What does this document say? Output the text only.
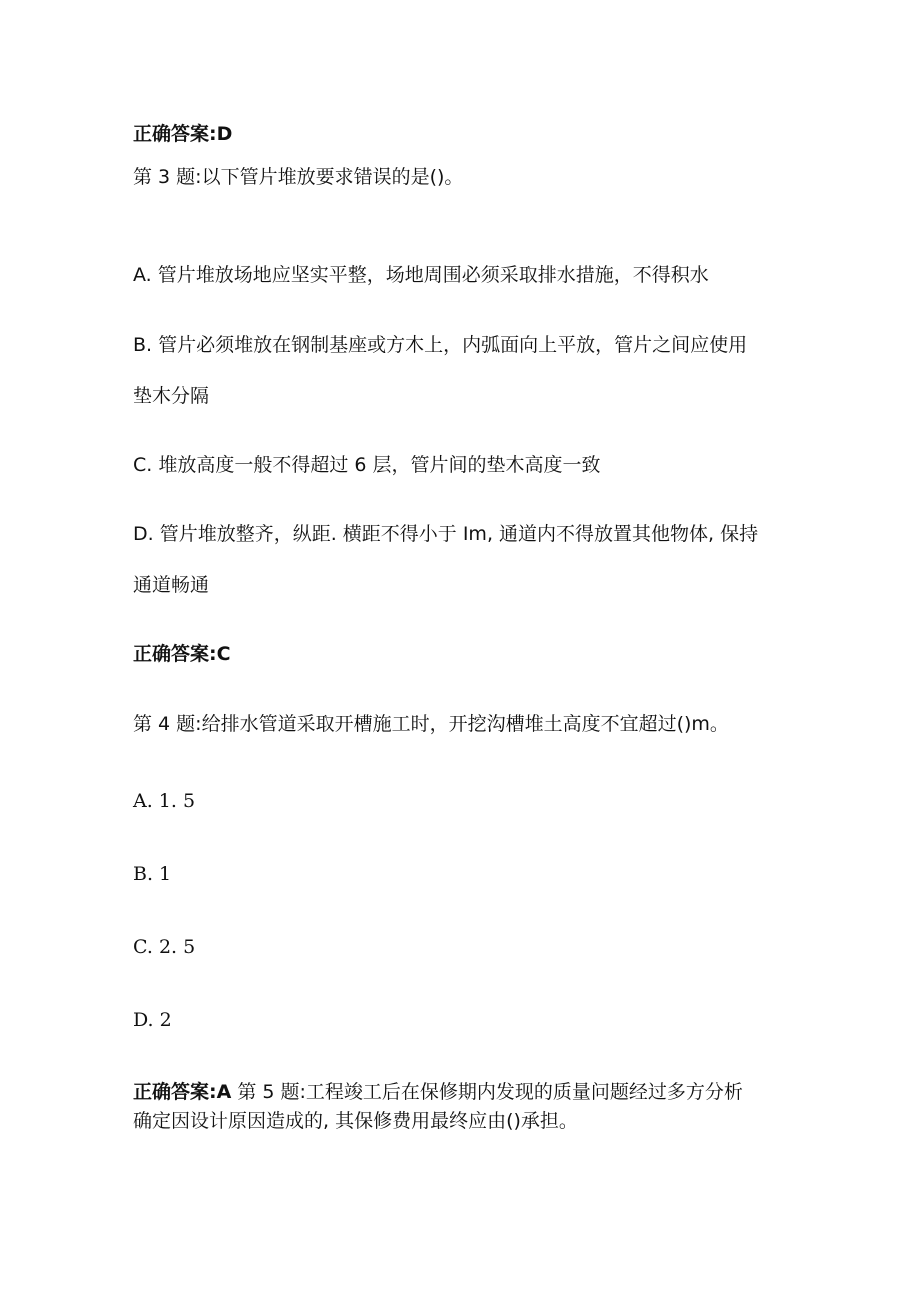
正确答案:D
第 3 题:以下管片堆放要求错误的是()。
A. 管片堆放场地应坚实平整，场地周围必须采取排水措施，不得积水
B. 管片必须堆放在钢制基座或方木上，内弧面向上平放，管片之间应使用
垫木分隔
C. 堆放高度一般不得超过 6 层，管片间的垫木高度一致
D. 管片堆放整齐，纵距. 横距不得小于 Im, 通道内不得放置其他物体, 保持
通道畅通
正确答案:C
第 4 题:给排水管道采取开槽施工时，开挖沟槽堆土高度不宜超过()m。
A. 1. 5
B. 1
C. 2. 5
D. 2
正确答案:A 第 5 题:工程竣工后在保修期内发现的质量问题经过多方分析
确定因设计原因造成的, 其保修费用最终应由()承担。
